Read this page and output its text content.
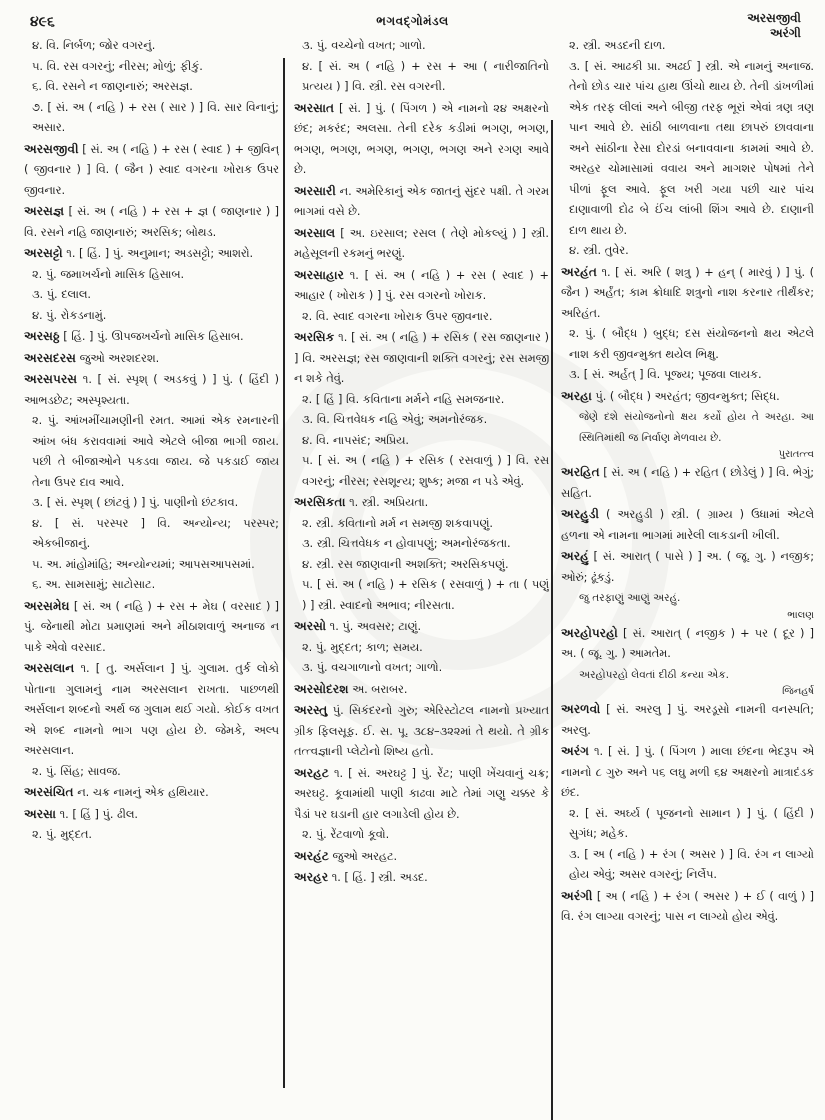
૪૯૬	ભગવદ્ગોમંડલ	અરસજીવી
અરંગી

૪. વિ. નિર્બળ; જોર વગરનું.

૫. વિ. રસ વગરનું; નીરસ; મોળું; ફીકું.

૬. વિ. રસને ન જાણનારું; અરસજ્ઞ.

૭. [ સં. અ ( નહિ ) + રસ ( સાર ) ] વિ. સાર વિનાનું; અસાર.

અરસજીવી [ સં. અ ( નહિ ) + રસ ( સ્વાદ ) + જીવિન્ ( જીવનાર ) ] વિ. ( જૈન ) સ્વાદ વગરના ખોરાક ઉપર જીવનાર.

અરસજ્ઞ [ સં. અ ( નહિ ) + રસ + જ્ઞ ( જાણનાર ) ] વિ. રસને નહિ જાણનારું; અરસિક; બોથડ.

અરસટ્ટો ૧. [ હિં. ] પું. અનુમાન; અડસટ્ટો; આશરો.

૨. પું. જમાખર્ચનો માસિક હિસાબ.

૩. પું. દલાલ.

૪. પું. રોકડનામું.

અરસઠ્ઠ [ હિં. ] પું. ઊપજખર્ચનો માસિક હિસાબ.

અરસદરસ જુઓ અરશદરશ.

અરસપરસ ૧. [ સં. સ્પૃશ્ ( અડકવું ) ] પું. ( હિંદી ) આભડછેટ; અસ્પૃશ્યતા.

૨. પું. આંખમીંચામણીની રમત. આમાં એક રમનારની આંખ બંધ કરાવવામાં આવે એટલે બીજા ભાગી જાય. પછી તે બીજાઓને પકડવા જાય. જે પકડાઈ જાય તેના ઉપર દાવ આવે.

૩. [ સં. સ્પૃશ્ ( છાંટવું ) ] પું. પાણીનો છંટકાવ.

૪. [ સં. પરસ્પર ] વિ. અન્યોન્ય; પરસ્પર; એકબીજાનું.

૫. અ. માંહોમાંહિ; અન્યોન્યમાં; આપસઆપસમાં.

૬. અ. સામસામું; સાટોસાટ.

અરસમેઘ [ સં. અ ( નહિ ) + રસ + મેઘ ( વરસાદ ) ] પું. જેનાથી મોટા પ્રમાણમાં અને મીઠાશવાળું અનાજ ન પાકે એવો વરસાદ.

અરસલાન ૧. [ તુ. અર્સલાન ] પું. ગુલામ. તુર્ક લોકો પોતાના ગુલામનું નામ અરસલાન રાખતા. પાછળથી અર્સલાન શબ્દનો અર્થ જ ગુલામ થઈ ગયો. કોઈક વખત એ શબ્દ નામનો ભાગ પણ હોય છે. જેમકે, અલ્પ અરસલાન.

૨. પું. સિંહ; સાવજ.

અરસંચિત ન. ચક્ર નામનું એક હથિયાર.

અરસા ૧. [ હિં ] પું. ઢીલ.

૨. પું. મુદ્દત.

૩. પું. વચ્ચેનો વખત; ગાળો.

૪. [ સં. અ ( નહિ ) + રસ + આ ( નારીજાતિનો પ્રત્યય ) ] વિ. સ્ત્રી. રસ વગરની.

અરસાત [ સં. ] પું. ( પિંગળ ) એ નામનો ૨૪ અક્ષરનો છંદ; મકરંદ; અલસા. તેની દરેક કડીમાં ભગણ, ભગણ, ભગણ, ભગણ, ભગણ, ભગણ, ભગણ અને રગણ આવે છે.

અરસારી ન. અમેરિકાનું એક જાતનું સુંદર પક્ષી. તે ગરમ ભાગમાં વસે છે.

અરસાલ [ અ. ઇરસાલ; રસલ ( તેણે મોકલ્યું ) ] સ્ત્રી. મહેસૂલની રકમનું ભરણું.

અરસાહાર ૧. [ સં. અ ( નહિ ) + રસ ( સ્વાદ ) + આહાર ( ખોરાક ) ] પું. રસ વગરનો ખોરાક.

૨. વિ. સ્વાદ વગરના ખોરાક ઉપર જીવનાર.

અરસિક ૧. [ સં. અ ( નહિ ) + રસિક ( રસ જાણનાર ) ] વિ. અરસજ્ઞ; રસ જાણવાની શક્તિ વગરનું; રસ સમજી ન શકે તેવું.

૨. [ હિં ] વિ. કવિતાના મર્મને નહિ સમજનાર.

૩. વિ. ચિત્તવેધક નહિ એવું; અમનોરંજક.

૪. વિ. નાપસંદ; અપ્રિય.

૫. [ સં. અ ( નહિ ) + રસિક ( રસવાળું ) ] વિ. રસ વગરનું; નીરસ; રસશૂન્ય; શુષ્ક; મજા ન પડે એવું.

અરસિકતા ૧. સ્ત્રી. અપ્રિયતા.

૨. સ્ત્રી. કવિતાનો મર્મ ન સમજી શકવાપણું.

૩. સ્ત્રી. ચિત્તવેધક ન હોવાપણું; અમનોરંજકતા.

૪. સ્ત્રી. રસ જાણવાની અશક્તિ; અરસિકપણું.

૫. [ સં. અ ( નહિ ) + રસિક ( રસવાળું ) + તા ( પણું ) ] સ્ત્રી. સ્વાદનો અભાવ; નીરસતા.

અરસો ૧. પું. અવસર; ટાણું.

૨. પું. મુદ્દત; કાળ; સમય.

૩. પું. વચગાળાનો વખત; ગાળો.

અરસોદરશ અ. બરાબર.

અરસ્તુ પું. સિકંદરનો ગુરુ; એરિસ્ટોટલ નામનો પ્રખ્યાત ગ્રીક ફિલસૂફ. ઈ. સ. પૂ. ૩૮૪–૩૨૨માં તે થયો. તે ગ્રીક તત્ત્વજ્ઞાની પ્લેટોનો શિષ્ય હતો.

અરહટ ૧. [ સં. અરઘટ્ટ ] પું. રેંટ; પાણી ખેંચવાનું ચક્ર; અરઘટ્ટ. કૂવામાંથી પાણી કાઢવા માટે તેમાં ગણુ ચક્કર કે પૈડાં પર ઘડાની હાર લગાડેલી હોય છે.

૨. પું. રેંટવાળો કૂવો.

અરહંટ જુઓ અરહટ.

અરહર ૧. [ હિં. ] સ્ત્રી. અડદ.

૨. સ્ત્રી. અડદની દાળ.

૩. [ સં. આઢકી પ્રા. અઢઈ ] સ્ત્રી. એ નામનું અનાજ. તેનો છોડ ચાર પાંચ હાથ ઊંચો થાય છે. તેની ડાંખળીમાં એક તરફ લીલાં અને બીજી તરફ ભૂરાં એવાં ત્રણ ત્રણ પાન આવે છે. સાંઠી બાળવાના તથા છાપરું છાવવાના અને સાંઠીના રેસા દોરડાં બનાવવાના કામમાં આવે છે. અરહર ચોમાસામાં વવાય અને માગશર પોષમાં તેને પીળાં ફૂલ આવે. ફૂલ ખરી ગયા પછી ચાર પાંચ દાણાવાળી દોઢ બે ઈંચ લાંબી શિંગ આવે છે. દાણાની દાળ થાય છે.

૪. સ્ત્રી. તુવેર.

અરહંત ૧. [ સં. અરિ ( શત્રુ ) + હન્ ( મારવું ) ] પું. ( જૈન ) અર્હંત; કામ ક્રોધાદિ શત્રુનો નાશ કરનાર તીર્થંકર; અરિહંત.

૨. પું. ( બૌદ્ધ ) બુદ્ધ; દસ સંયોજનનો ક્ષય એટલે નાશ કરી જીવન્મુક્ત થયેલ ભિક્ષુ.

૩. [ સં. અર્હત્ ] વિ. પૂજ્ય; પૂજવા લાયક.

અરહા પું. ( બૌદ્ધ ) અરહંત; જીવન્મુક્ત; સિદ્ધ.

જેણે દશે સંયોજનોનો ક્ષય કર્યો હોય તે અરહા. આ સ્થિતિમાંથી જ નિર્વાણ મેળવાય છે.

પુરાતત્ત્વ

અરહિત [ સં. અ ( નહિ ) + રહિત ( છોડેલું ) ] વિ. ભેગું; સહિત.

અરહુડી ( અરહુડી ) સ્ત્રી. ( ગ્રામ્ય ) ઉધામાં એટલે હળના એ નામના ભાગમાં મારેલી લાકડાની ખીલી.

અરહું [ સં. આરાત્ ( પાસે ) ] અ. ( જૂ. ગુ. ) નજીક; ઓરું; ઢૂંકડું.

જુ તરફાણું આણું અરહું.

ભાલણ

અરહોપરહો [ સં. આરાત્ ( નજીક ) + પર ( દૂર ) ] અ. ( જૂ. ગુ. ) આમતેમ.

અરહોપરહો લેવતાં દીઠી કન્યા એક.

જિનહર્ષ

અરળવો [ સં. અરલુ ] પું. અરડૂસો નામની વનસ્પતિ; અરલુ.

અરંગ ૧. [ સં. ] પું. ( પિંગળ ) માલા છંદના ભેદરૂપ એ નામનો ૮ ગુરુ અને ૫૬ લઘુ મળી ૬૪ અક્ષરનો માત્રાદંડક છંદ.

૨. [ સં. અર્ઘ્ય ( પૂજનનો સામાન ) ] પું. ( હિંદી ) સુગંધ; મહેક.

૩. [ અ ( નહિ ) + રંગ ( અસર ) ] વિ. રંગ ન લાગ્યો હોય એવું; અસર વગરનું; નિર્લેપ.

અરંગી [ અ ( નહિ ) + રંગ ( અસર ) + ઈ ( વાળું ) ] વિ. રંગ લાગ્યા વગરનું; પાસ ન લાગ્યો હોય એવું.
